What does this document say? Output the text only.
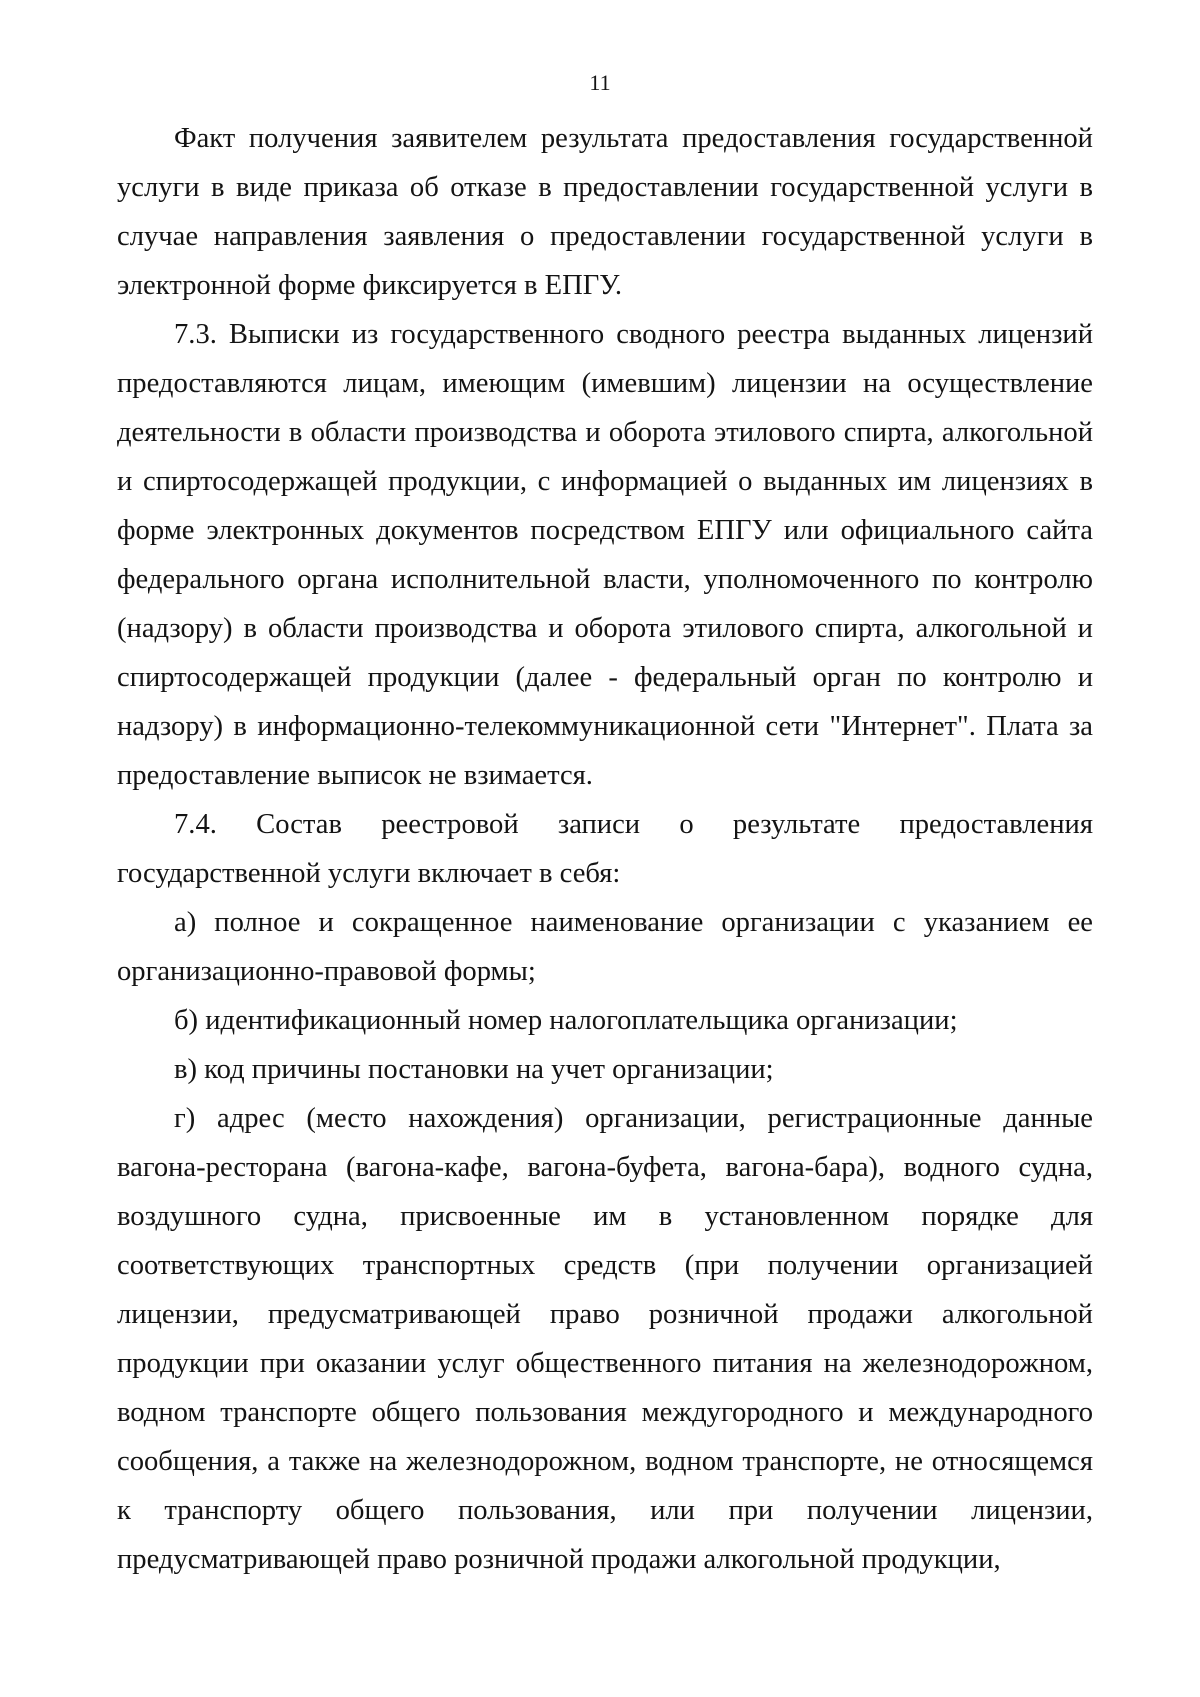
11

Факт получения заявителем результата предоставления государственной услуги в виде приказа об отказе в предоставлении государственной услуги в случае направления заявления о предоставлении государственной услуги в электронной форме фиксируется в ЕПГУ.

7.3. Выписки из государственного сводного реестра выданных лицензий предоставляются лицам, имеющим (имевшим) лицензии на осуществление деятельности в области производства и оборота этилового спирта, алкогольной и спиртосодержащей продукции, с информацией о выданных им лицензиях в форме электронных документов посредством ЕПГУ или официального сайта федерального органа исполнительной власти, уполномоченного по контролю (надзору) в области производства и оборота этилового спирта, алкогольной и спиртосодержащей продукции (далее - федеральный орган по контролю и надзору) в информационно-телекоммуникационной сети "Интернет". Плата за предоставление выписок не взимается.

7.4. Состав реестровой записи о результате предоставления государственной услуги включает в себя:

а) полное и сокращенное наименование организации с указанием ее организационно-правовой формы;

б) идентификационный номер налогоплательщика организации;

в) код причины постановки на учет организации;

г) адрес (место нахождения) организации, регистрационные данные вагона-ресторана (вагона-кафе, вагона-буфета, вагона-бара), водного судна, воздушного судна, присвоенные им в установленном порядке для соответствующих транспортных средств (при получении организацией лицензии, предусматривающей право розничной продажи алкогольной продукции при оказании услуг общественного питания на железнодорожном, водном транспорте общего пользования междугородного и международного сообщения, а также на железнодорожном, водном транспорте, не относящемся к транспорту общего пользования, или при получении лицензии, предусматривающей право розничной продажи алкогольной продукции,
